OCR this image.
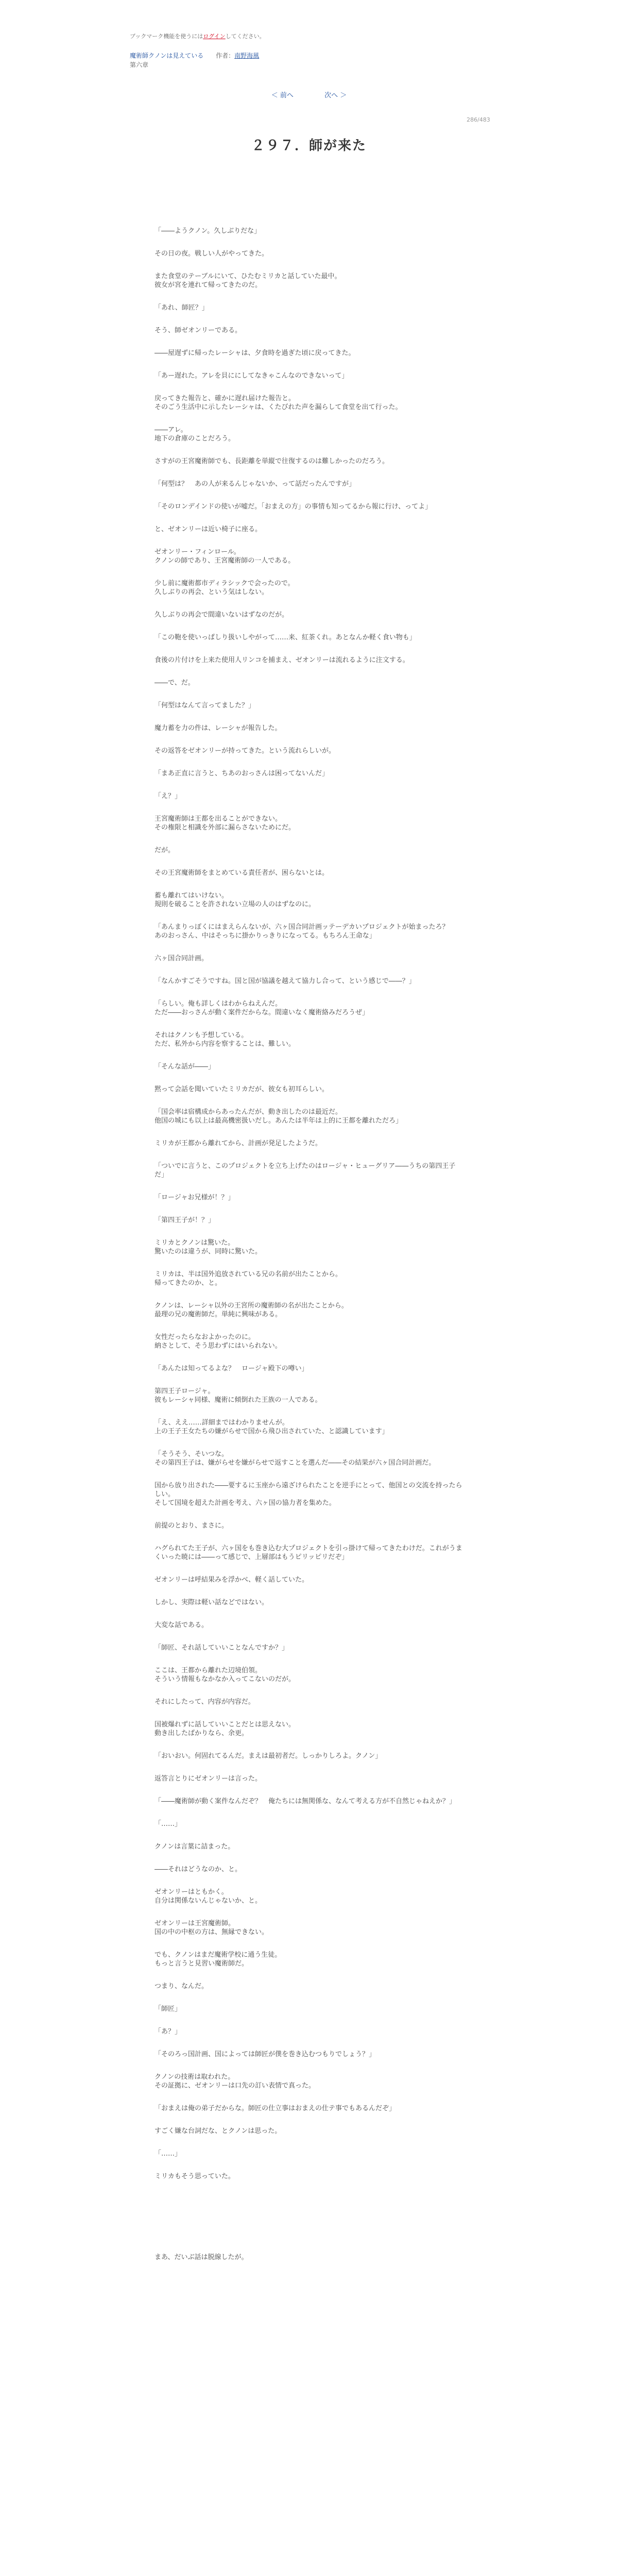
ブックマーク機能を使うにはログインしてください。
魔術師クノンは見えている 作者：南野海風
第六章
＜ 前へ	次へ ＞
286/483
２９７．師が来た

「――ようクノン。久しぶりだな」

その日の夜。戦しい人がやってきた。

また食堂のテーブルにいて、ひたむミリカと話していた最中。
彼女が宮を連れて帰ってきたのだ。

「あれ、師匠？」

そう、師ゼオンリーである。

――屋遅ずに帰ったレーシャは、夕食時を過ぎた頃に戻ってきた。

「あー遅れた。アレを貝ににしてなきゃこんなのできないって」

戻ってきた報告と、確かに遅れ届けた報告と。
そのごう生活中に示したレーシャは、くたびれた声を漏らして食堂を出て行った。

――アレ。
地下の倉庫のことだろう。

さすがの王宮魔術師でも、長距離を単縦で往復するのは難しかったのだろう。

「何型は？　あの人が来るんじゃないか、って話だったんですが」

「そのロンデインドの使いが嘘だ。「おまえの方」の事情も知ってるから報に行け、ってよ」

と、ゼオンリーは近い椅子に座る。

ゼオンリー・フィンロール。
クノンの師であり、王宮魔術師の一人である。

少し前に魔術都市ディラシックで会ったので。
久しぶりの再会、という気はしない。

久しぶりの再会で間違いないはずなのだが。

「この鞄を使いっぱしり扱いしやがって……来、紅茶くれ。あとなんか軽く食い物も」

食後の片付けを上来た使用人リンコを捕まえ、ゼオンリーは流れるように注文する。

――で、だ。

「何型はなんて言ってました？」

魔力蓄を力の件は、レーシャが報告した。

その返答をゼオンリーが持ってきた。という流れらしいが。

「まあ正直に言うと、ちあのおっさんは困ってないんだ」

「え？」

王宮魔術師は王都を出ることができない。
その権限と相識を外部に漏らさないためにだ。

だが。

その王宮魔術師をまとめている責任者が、困らないとは。

蓄も離れてはいけない。
規則を破ることを許されない立場の人のはずなのに。

「あんまりっぽくにはまえらんないが、六ヶ国合同計画ッテーデカいプロジェクトが始まったろ？
あのおっさん、中はそっちに掛かりっきりになってる。もちろん王命な」

六ヶ国合同計画。

「なんかすごそうですね。国と国が協議を越えて協力し合って、という感じで――？」

「らしい。俺も詳しくはわからねえんだ。
ただ――おっさんが動く案件だからな。間違いなく魔術絡みだろうぜ」

それはクノンも予想している。
ただ、私外から内容を察することは、難しい。

「そんな話が――」

黙って会話を聞いていたミリカだが、彼女も初耳らしい。

「国会率は宿構成からあったんだが、動き出したのは最近だ。
他国の城にも以上は最高機密扱いだし。あんたは半年は上的に王都を離れただろ」

ミリカが王都から離れてから、計画が発足したようだ。

「ついでに言うと、このプロジェクトを立ち上げたのはロージャ・ヒューグリア――うちの第四王子だ」

「ロージャお兄様が！？」

「第四王子が！？」

ミリカとクノンは驚いた。
驚いたのは違うが、同時に驚いた。

ミリカは、半は国外追放されている兄の名前が出たことから。
帰ってきたのか、と。

クノンは、レーシャ以外の王宮所の魔術師の名が出たことから。
最理の兄の魔術師だ。単純に興味がある。

女性だったらなおよかったのに。
納さとして、そう思わずにはいられない。

「あんたは知ってるよな？　ロージャ殿下の噂い」

第四王子ロージャ。
彼もレーシャ同様、魔術に傾倒れた王族の一人である。

「え、ええ……詳細まではわかりませんが。
上の王子王女たちの嫌がらせで国から飛ひ出されていた、と認識しています」

「そうそう、そいつな。
その第四王子は、嫌がらせを嫌がらせで返すことを選んだ――その結果が六ヶ国合同計画だ。

国から放り出された――要するに玉座から遠ざけられたことを逆手にとって、他国との交流を持ったらしい。
そして国境を超えた計画を考え、六ヶ国の協力者を集めた。

前提のとおり、まさに。

ハグられてた王子が、六ヶ国をも巻き込む大プロジェクトを引っ掛けて帰ってきたわけだ。これがうまくいった暁には――って感じで、上層部はもうピリッピリだぞ」

ゼオンリーは呼結果みを浮かべ、軽く話していた。

しかし、実際は軽い話などではない。

大変な話である。

「師匠、それ話していいことなんですか？」

ここは、王都から離れた辺境伯領。
そういう情報もなかなか入ってこないのだが。

それにしたって、内容が内容だ。

国被爆れずに話していいことだとは思えない。
動き出したばかりなら、余更。

「おいおい。何固れてるんだ。まえは最初者だ。しっかりしろよ。クノン」

返答言とりにゼオンリーは言った。

「――魔術師が動く案件なんだぞ？　俺たちには無関係な、なんて考える方が不自然じゃねえか？」

「……」

クノンは言葉に詰まった。

――それはどうなのか、と。

ゼオンリーはともかく。
自分は関係ないんじゃないか、と。

ゼオンリーは王宮魔術師。
国の中の中枢の方は、無縁できない。

でも、クノンはまだ魔術学校に通う生徒。
もっと言うと見習い魔術師だ。

つまり、なんだ。

「師匠」

「あ？」

「そのろっ国計画、国によっては師匠が僕を巻き込むつもりでしょう？」

クノンの技術は取われた。
その証拠に、ゼオンリーは口先の訂い表情で真った。

「おまえは俺の弟子だからな。師匠の仕立事はおまえの仕テ事でもあるんだぞ」

すごく嫌な台詞だな、とクノンは思った。

「……」

ミリカもそう思っていた。

まあ、だいぶ話は脱線したが。
